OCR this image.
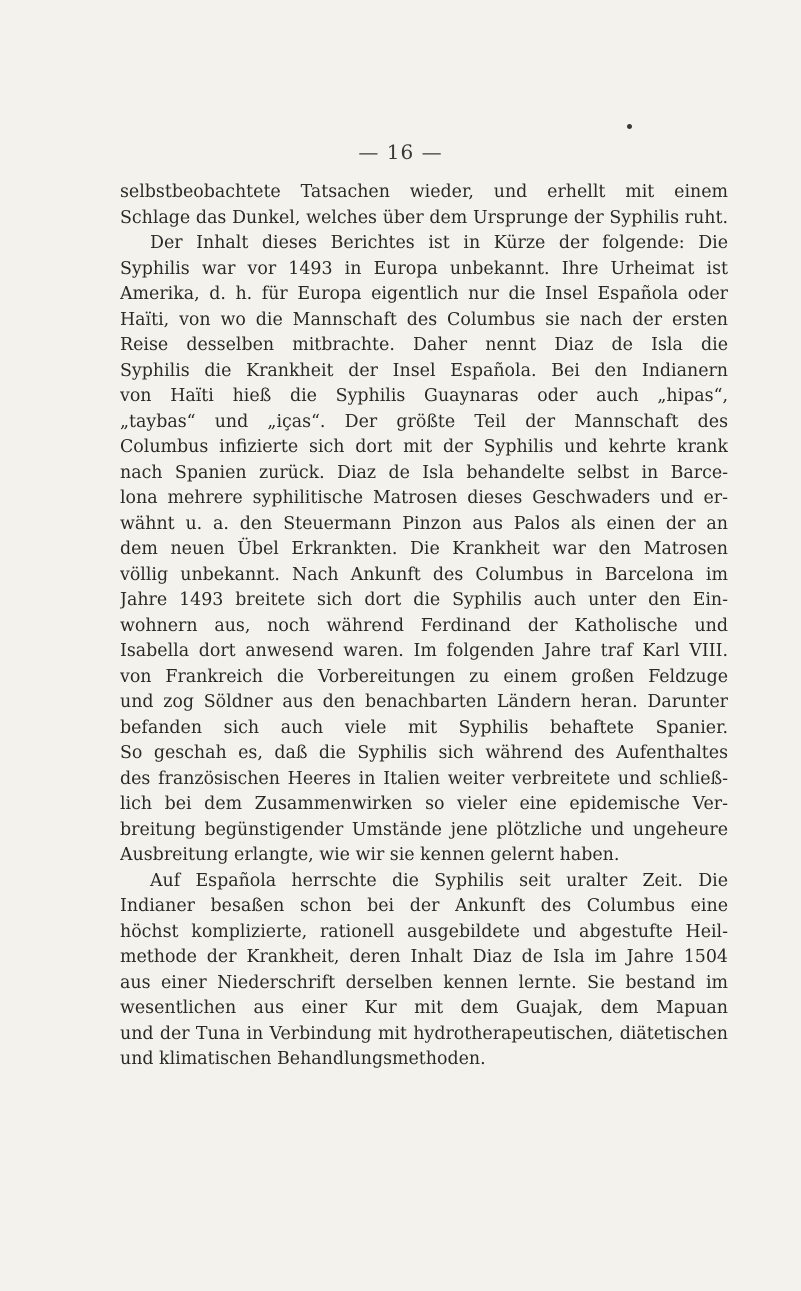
— 16 —
selbstbeobachtete Tatsachen wieder, und erhellt mit einem
Schlage das Dunkel, welches über dem Ursprunge der Syphilis ruht.
Der Inhalt dieses Berichtes ist in Kürze der folgende: Die
Syphilis war vor 1493 in Europa unbekannt. Ihre Urheimat ist
Amerika, d. h. für Europa eigentlich nur die Insel Española oder
Haïti, von wo die Mannschaft des Columbus sie nach der ersten
Reise desselben mitbrachte. Daher nennt Diaz de Isla die
Syphilis die Krankheit der Insel Española. Bei den Indianern
von Haïti hieß die Syphilis Guaynaras oder auch „hipas“,
„taybas“ und „iças“. Der größte Teil der Mannschaft des
Columbus infizierte sich dort mit der Syphilis und kehrte krank
nach Spanien zurück. Diaz de Isla behandelte selbst in Barce-
lona mehrere syphilitische Matrosen dieses Geschwaders und er-
wähnt u. a. den Steuermann Pinzon aus Palos als einen der an
dem neuen Übel Erkrankten. Die Krankheit war den Matrosen
völlig unbekannt. Nach Ankunft des Columbus in Barcelona im
Jahre 1493 breitete sich dort die Syphilis auch unter den Ein-
wohnern aus, noch während Ferdinand der Katholische und
Isabella dort anwesend waren. Im folgenden Jahre traf Karl VIII.
von Frankreich die Vorbereitungen zu einem großen Feldzuge
und zog Söldner aus den benachbarten Ländern heran. Darunter
befanden sich auch viele mit Syphilis behaftete Spanier.
So geschah es, daß die Syphilis sich während des Aufenthaltes
des französischen Heeres in Italien weiter verbreitete und schließ-
lich bei dem Zusammenwirken so vieler eine epidemische Ver-
breitung begünstigender Umstände jene plötzliche und ungeheure
Ausbreitung erlangte, wie wir sie kennen gelernt haben.
Auf Española herrschte die Syphilis seit uralter Zeit. Die
Indianer besaßen schon bei der Ankunft des Columbus eine
höchst komplizierte, rationell ausgebildete und abgestufte Heil-
methode der Krankheit, deren Inhalt Diaz de Isla im Jahre 1504
aus einer Niederschrift derselben kennen lernte. Sie bestand im
wesentlichen aus einer Kur mit dem Guajak, dem Mapuan
und der Tuna in Verbindung mit hydrotherapeutischen, diätetischen
und klimatischen Behandlungsmethoden.
